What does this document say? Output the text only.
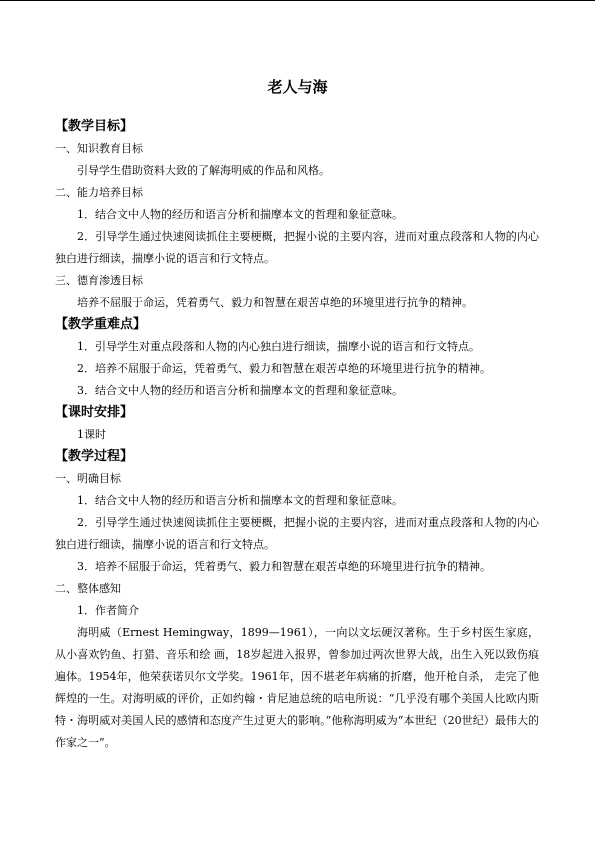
老人与海

【教学目标】

一、知识教育目标

引导学生借助资料大致的了解海明威的作品和风格。

二、能力培养目标

1．结合文中人物的经历和语言分析和揣摩本文的哲理和象征意味。

2．引导学生通过快速阅读抓住主要梗概，把握小说的主要内容，进而对重点段落和人物的内心独白进行细读，揣摩小说的语言和行文特点。

三、德育渗透目标

培养不屈服于命运，凭着勇气、毅力和智慧在艰苦卓绝的环境里进行抗争的精神。

【教学重难点】

1．引导学生对重点段落和人物的内心独白进行细读，揣摩小说的语言和行文特点。

2．培养不屈服于命运，凭着勇气、毅力和智慧在艰苦卓绝的环境里进行抗争的精神。

3．结合文中人物的经历和语言分析和揣摩本文的哲理和象征意味。

【课时安排】

1课时

【教学过程】

一、明确目标

1．结合文中人物的经历和语言分析和揣摩本文的哲理和象征意味。

2．引导学生通过快速阅读抓住主要梗概，把握小说的主要内容，进而对重点段落和人物的内心独白进行细读，揣摩小说的语言和行文特点。

3．培养不屈服于命运，凭着勇气、毅力和智慧在艰苦卓绝的环境里进行抗争的精神。

二、整体感知

1．作者简介

海明威（Ernest Hemingway，1899—1961），一向以文坛硬汉著称。生于乡村医生家庭，从小喜欢钓鱼、打猎、音乐和绘 画，18岁起进入报界，曾参加过两次世界大战，出生入死以致伤痕遍体。1954年，他荣获诺贝尔文学奖。1961年，因不堪老年病痛的折磨，他开枪自杀， 走完了他辉煌的一生。对海明威的评价，正如约翰・肯尼迪总统的唁电所说：“几乎没有哪个美国人比欧内斯特・海明威对美国人民的感情和态度产生过更大的影响。”他称海明威为“本世纪（20世纪）最伟大的作家之一”。
